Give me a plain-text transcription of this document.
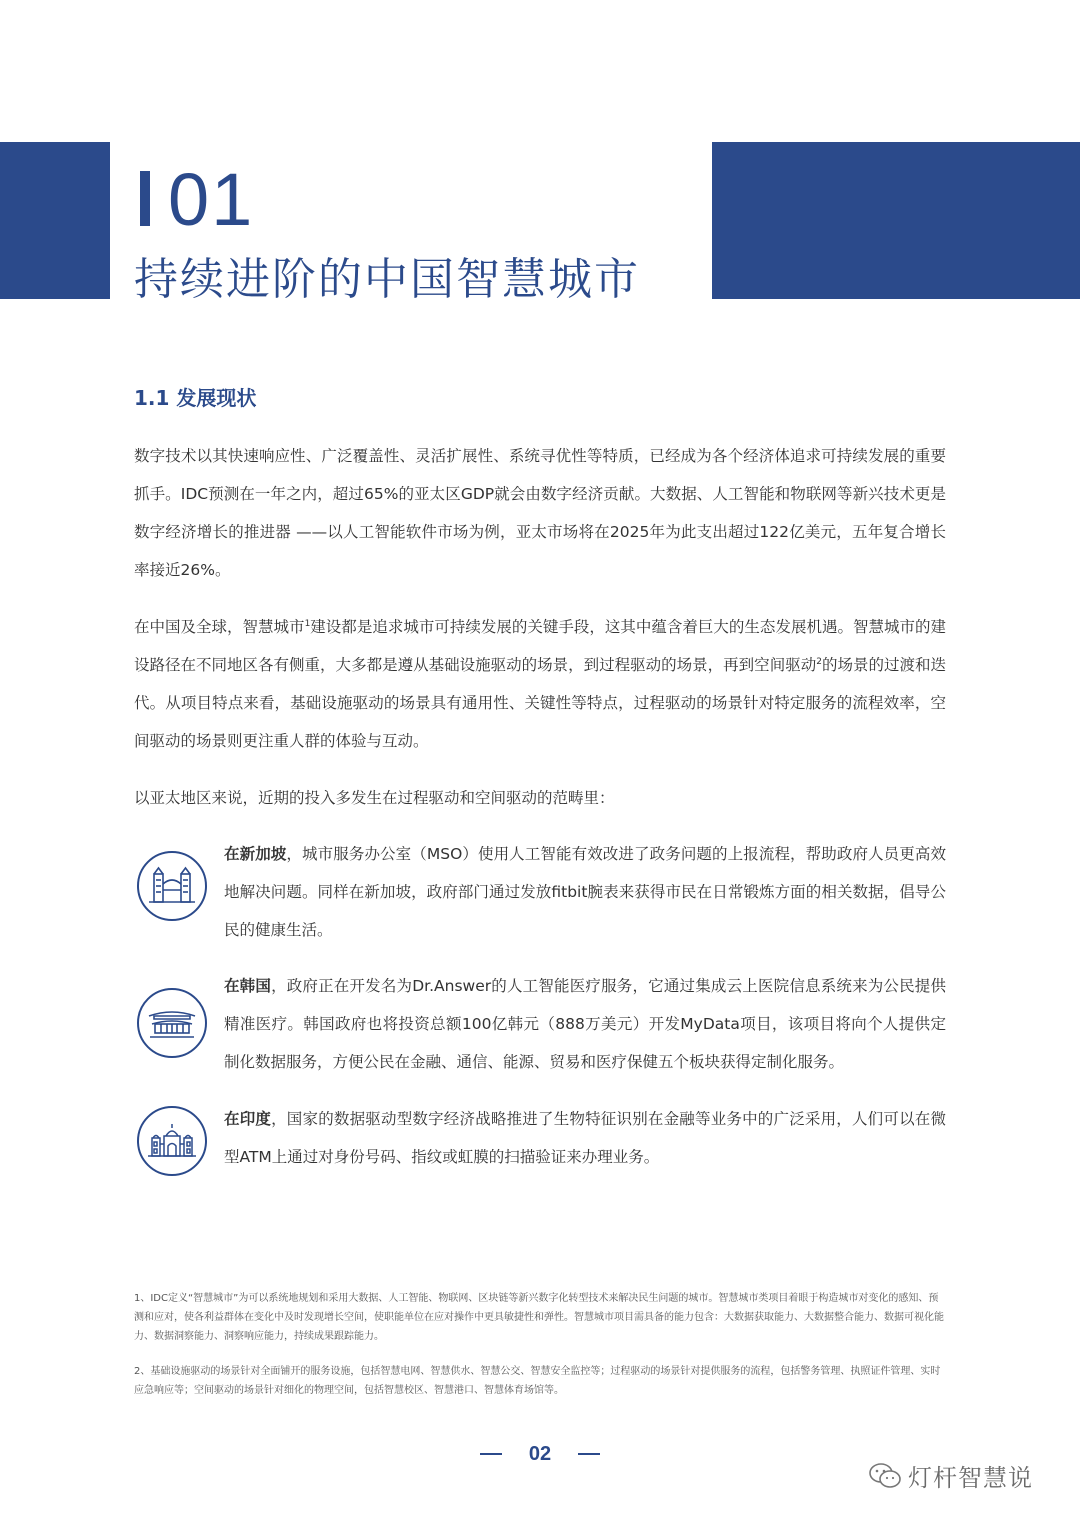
01
持续进阶的中国智慧城市
1.1 发展现状

数字技术以其快速响应性、广泛覆盖性、灵活扩展性、系统寻优性等特质，已经成为各个经济体追求可持续发展的重要抓手。IDC预测在一年之内，超过65%的亚太区GDP就会由数字经济贡献。大数据、人工智能和物联网等新兴技术更是数字经济增长的推进器 ——以人工智能软件市场为例，亚太市场将在2025年为此支出超过122亿美元，五年复合增长率接近26%。

在中国及全球，智慧城市$^1$建设都是追求城市可持续发展的关键手段，这其中蕴含着巨大的生态发展机遇。智慧城市的建设路径在不同地区各有侧重，大多都是遵从基础设施驱动的场景，到过程驱动的场景，再到空间驱动$^2$的场景的过渡和迭代。从项目特点来看，基础设施驱动的场景具有通用性、关键性等特点，过程驱动的场景针对特定服务的流程效率，空间驱动的场景则更注重人群的体验与互动。

以亚太地区来说，近期的投入多发生在过程驱动和空间驱动的范畴里：

在新加坡，城市服务办公室（MSO）使用人工智能有效改进了政务问题的上报流程，帮助政府人员更高效地解决问题。同样在新加坡，政府部门通过发放fitbit腕表来获得市民在日常锻炼方面的相关数据，倡导公民的健康生活。

在韩国，政府正在开发名为Dr.Answer的人工智能医疗服务，它通过集成云上医院信息系统来为公民提供精准医疗。韩国政府也将投资总额100亿韩元（888万美元）开发MyData项目，该项目将向个人提供定制化数据服务，方便公民在金融、通信、能源、贸易和医疗保健五个板块获得定制化服务。

在印度，国家的数据驱动型数字经济战略推进了生物特征识别在金融等业务中的广泛采用，人们可以在微型ATM上通过对身份号码、指纹或虹膜的扫描验证来办理业务。

1、IDC定义“智慧城市”为可以系统地规划和采用大数据、人工智能、物联网、区块链等新兴数字化转型技术来解决民生问题的城市。智慧城市类项目着眼于构造城市对变化的感知、预测和应对，使各利益群体在变化中及时发现增长空间，使职能单位在应对操作中更具敏捷性和弹性。智慧城市项目需具备的能力包含：大数据获取能力、大数据整合能力、数据可视化能力、数据洞察能力、洞察响应能力，持续成果跟踪能力。

2、基础设施驱动的场景针对全面铺开的服务设施，包括智慧电网、智慧供水、智慧公交、智慧安全监控等；过程驱动的场景针对提供服务的流程，包括警务管理、执照证件管理、实时应急响应等；空间驱动的场景针对细化的物理空间，包括智慧校区、智慧港口、智慧体育场馆等。

02
灯杆智慧说
